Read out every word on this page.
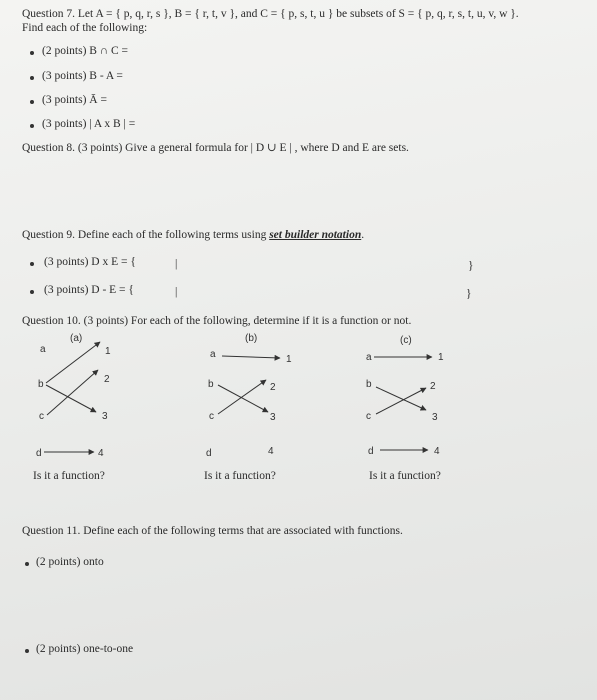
Question 7. Let A = { p, q, r, s }, B = { r, t, v }, and C = { p, s, t, u } be subsets of S = { p, q, r, s, t, u, v, w }.
Find each of the following:
(2 points) B ∩ C =
(3 points) B - A =
(3 points) Ā =
(3 points) | A x B | =
Question 8. (3 points) Give a general formula for | D ∪ E | , where D and E are sets.
Question 9. Define each of the following terms using set builder notation.
(3 points) D x E = {	|	}
(3 points) D - E = {	|	}
Question 10. (3 points) For each of the following, determine if it is a function or not.
(a)
a
b
c
d
1
2
3
4
Is it a function?
(b)
a
b
c
d
1
2
3
4
Is it a function?
(c)
a
b
c
d
1
2
3
4
Is it a function?
Question 11. Define each of the following terms that are associated with functions.
(2 points) onto
(2 points) one-to-one
